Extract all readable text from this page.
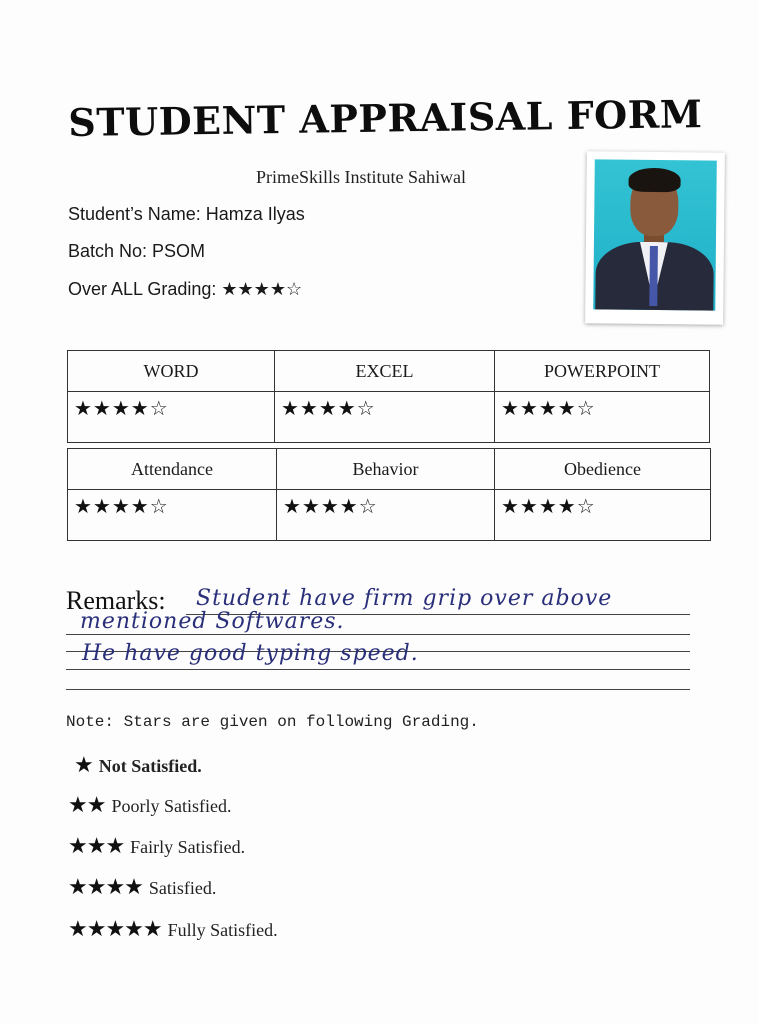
STUDENT APPRAISAL FORM
PrimeSkills Institute Sahiwal
Student’s Name: Hamza Ilyas
Batch No: PSOM
Over ALL Grading: ★★★★☆
WORD	EXCEL	POWERPOINT
★★★★☆	★★★★☆	★★★★☆
Attendance	Behavior	Obedience
★★★★☆	★★★★☆	★★★★☆
Remarks: Student have firm grip over above
mentioned Softwares.
He have good typing speed.
Note: Stars are given on following Grading.
★ Not Satisfied.
★★ Poorly Satisfied.
★★★ Fairly Satisfied.
★★★★ Satisfied.
★★★★★ Fully Satisfied.
